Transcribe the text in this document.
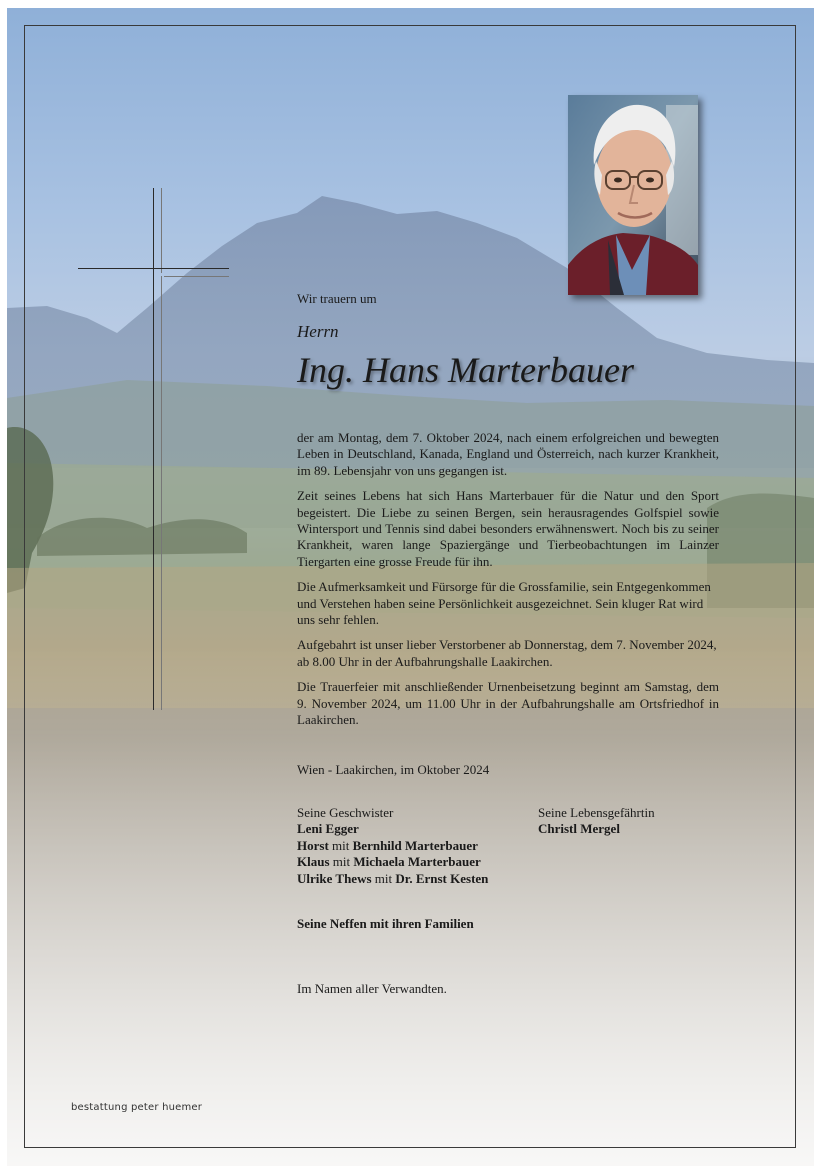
Wir trauern um
Herrn
Ing. Hans Marterbauer

der am Montag, dem 7. Oktober 2024, nach einem erfolgreichen und bewegten Leben in Deutschland, Kanada, England und Österreich, nach kurzer Krankheit, im 89. Lebensjahr von uns gegangen ist.

Zeit seines Lebens hat sich Hans Marterbauer für die Natur und den Sport begeistert. Die Liebe zu seinen Bergen, sein herausragendes Golfspiel sowie Wintersport und Tennis sind dabei besonders erwähnenswert. Noch bis zu seiner Krankheit, waren lange Spaziergänge und Tierbeobachtungen im Lainzer Tiergarten eine grosse Freude für ihn.

Die Aufmerksamkeit und Fürsorge für die Grossfamilie, sein Entgegenkommen und Verstehen haben seine Persönlichkeit ausgezeichnet. Sein kluger Rat wird uns sehr fehlen.

Aufgebahrt ist unser lieber Verstorbener ab Donnerstag, dem 7. November 2024, ab 8.00 Uhr in der Aufbahrungshalle Laakirchen.

Die Trauerfeier mit anschließender Urnenbeisetzung beginnt am Samstag, dem 9. November 2024, um 11.00 Uhr in der Aufbahrungshalle am Ortsfriedhof in Laakirchen.

Wien - Laakirchen, im Oktober 2024
Seine Geschwister
Leni Egger
Horst mit Bernhild Marterbauer
Klaus mit Michaela Marterbauer
Ulrike Thews mit Dr. Ernst Kesten
Seine Lebensgefährtin
Christl Mergel
Seine Neffen mit ihren Familien
Im Namen aller Verwandten.
bestattung peter huemer
